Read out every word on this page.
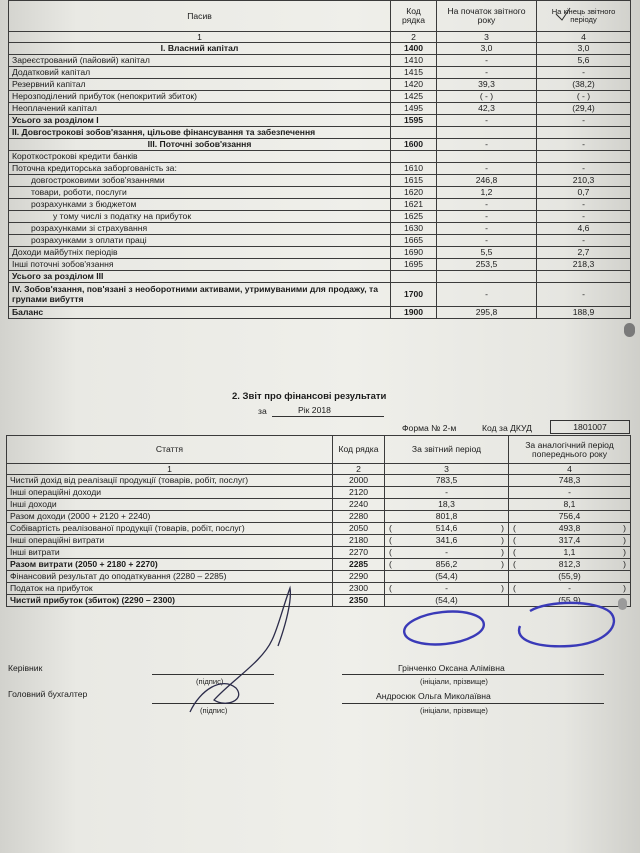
Пасив	Код рядка	На початок звітного року	На кінець звітного періоду
1	2	3	4
I. Власний капітал	1400	3,0	3,0
Зареєстрований (пайовий) капітал	1410	-	5,6
Додатковий капітал	1415	-	-
Резервний капітал	1420	39,3	(38,2)
Нерозподілений прибуток (непокритий збиток)	1425	( - )	( - )
Неоплачений капітал	1495	42,3	(29,4)
Усього за розділом I	1595	-	-
II. Довгострокові зобов'язання, цільове фінансування та забезпечення			
III. Поточні зобов'язання	1600	-	-
Короткострокові кредити банків			
Поточна кредиторська заборгованість за:	1610	-	-
довгостроковими зобов'язаннями	1615	246,8	210,3
товари, роботи, послуги	1620	1,2	0,7
розрахунками з бюджетом	1621	-	-
у тому числі з податку на прибуток	1625	-	-
розрахунками зі страхування	1630	-	4,6
розрахунками з оплати праці	1665	-	-
Доходи майбутніх періодів	1690	5,5	2,7
Інші поточні зобов'язання	1695	253,5	218,3
Усього за розділом III			
IV. Зобов'язання, пов'язані з необоротними активами, утримуваними для продажу, та групами вибуття	1700	-	-
Баланс	1900	295,8	188,9
2. Звіт про фінансові результати
за	Рік 2018
Форма № 2-м	Код за ДКУД	1801007
Стаття	Код рядка	За звітний період	За аналогічний період попереднього року
1	2	3	4
Чистий дохід від реалізації продукції (товарів, робіт, послуг)	2000	783,5	748,3
Інші операційні доходи	2120	-	-
Інші доходи	2240	18,3	8,1
Разом доходи (2000 + 2120 + 2240)	2280	801,8	756,4
Собівартість реалізованої продукції (товарів, робіт, послуг)	2050	( 514,6 )	( 493,8 )

Інші операційні витрати	2180	( 341,6 )	( 317,4 )

Інші витрати	2270	( - )	( 1,1 )

Разом витрати (2050 + 2180 + 2270)	2285	( 856,2 )	( 812,3 )

Фінансовий результат до оподаткування (2280 – 2285)	2290	(54,4)	(55,9)
Податок на прибуток	2300	( - )	( - )

Чистий прибуток (збиток) (2290 – 2300)	2350	(54,4)	(55,9)
Керівник
(підпис)
Грінченко Оксана Алімівна
(ініціали, прізвище)
Головний бухгалтер
(підпис)
Андросюк Ольга Миколаївна
(ініціали, прізвище)
